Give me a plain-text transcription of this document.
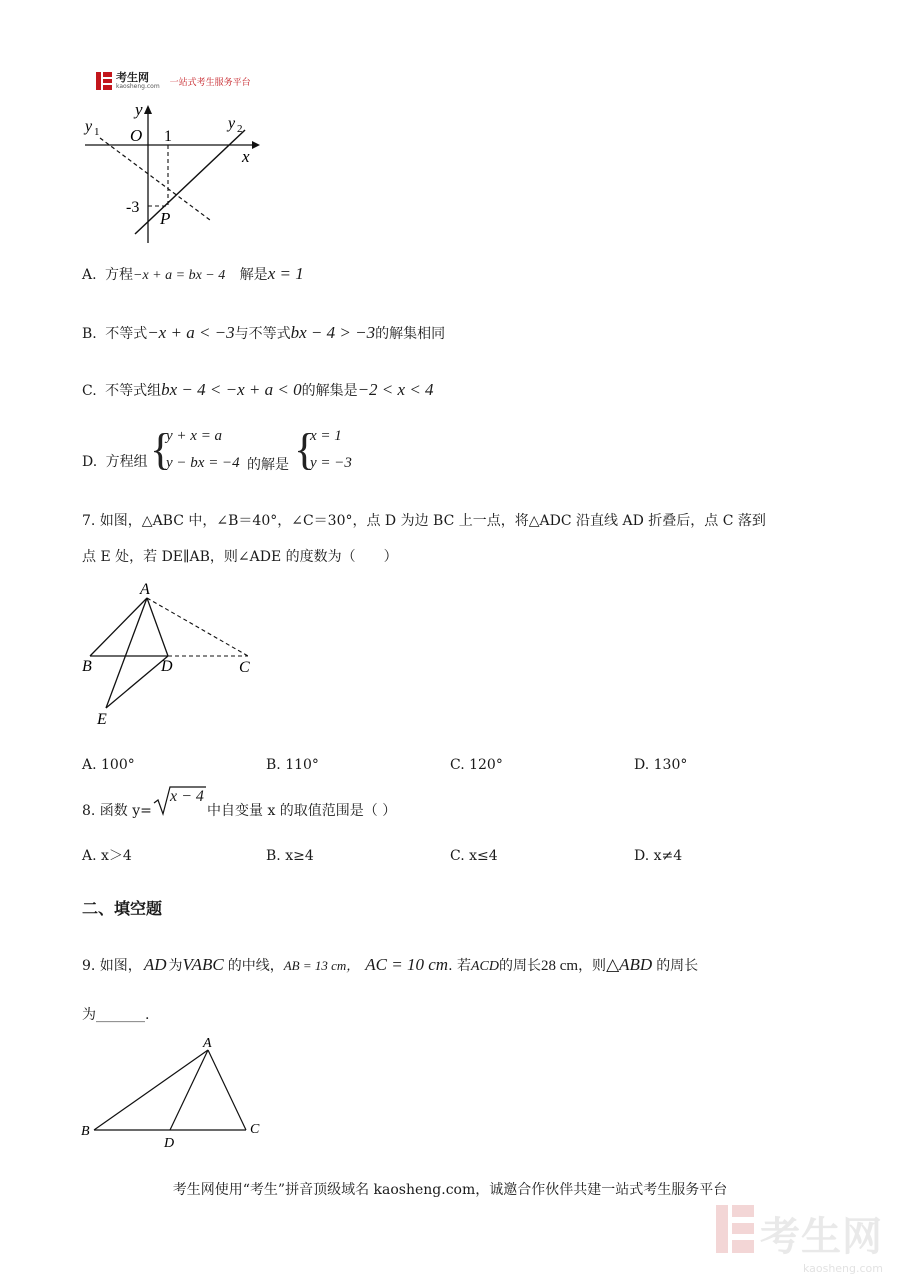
考生网
kaosheng.com 一站式考生服务平台
y
x
O 1
-3
y 1	y 2
P
A. 方程−x + a = bx − 4 解是x = 1
B. 不等式−x + a < −3与不等式bx − 4 > −3的解集相同
C. 不等式组bx − 4 < −x + a < 0的解集是−2 < x < 4
D. 方程组 {
y + x = a
y − bx = −4 的解是 {
x = 1
y = −3
7. 如图，△ABC 中，∠B＝40°，∠C＝30°，点 D 为边 BC 上一点，将△ADC 沿直线 AD 折叠后，点 C 落到
点 E 处，若 DE∥AB，则∠ADE 的度数为（　　）
A
B	D	C
E
A. 100°	B. 110°	C. 120°	D. 130°
8. 函数 y=
x − 4
中自变量 x 的取值范围是（ ）
A. x＞4	B. x≥4	C. x≤4	D. x≠4
二、填空题
9. 如图， AD 为VABC 的中线，AB = 13 cm， AC = 10 cm. 若ACD的周长28 cm，则△ABD 的周长
为_______.
A
B
D
C
考生网使用“考生”拼音顶级域名 kaosheng.com，诚邀合作伙伴共建一站式考生服务平台
考生网
kaosheng.com
